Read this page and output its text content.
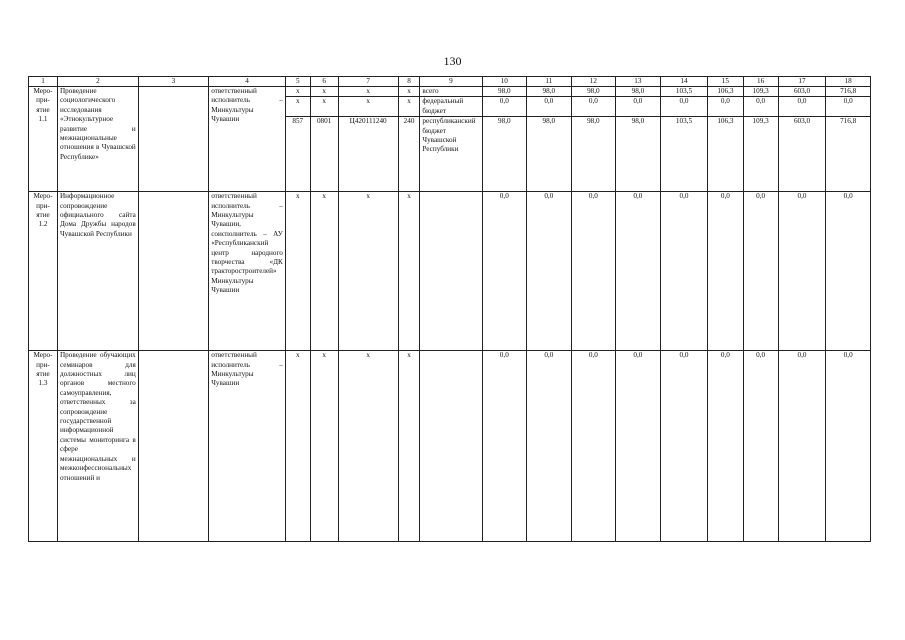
130
1	2	3	4	5	6	7	8	9	10	11	12	13	14	15	16	17	18
Меро-при-ятие 1.1	Проведение социологического исследования «Этнокультурное развитие и межнациональные отношения в Чувашской Республике»		ответственный исполнитель – Минкультуры Чувашии	x	x	x	x	всего	98,0	98,0	98,0	98,0	103,5	106,3	109,3	603,0	716,8
				x	x	x	x	федеральный бюджет	0,0	0,0	0,0	0,0	0,0	0,0	0,0	0,0	0,0
				857	0801	Ц420111240	240	республиканский бюджет Чувашской Республики	98,0	98,0	98,0	98,0	103,5	106,3	109,3	603,0	716,8
Меро-при-ятие 1.2	Информационное сопровождение официального сайта Дома Дружбы народов Чувашской Республики		ответственный исполнитель – Минкультуры Чувашии, соисполнитель – АУ «Республиканский центр народного творчества «ДК тракторостроителей» Минкультуры Чувашии	x	x	x	x		0,0	0,0	0,0	0,0	0,0	0,0	0,0	0,0	0,0
Меро-при-ятие 1.3	Проведение обучающих семинаров для должностных лиц органов местного самоуправления, ответственных за сопровождение государственной информационной системы мониторинга в сфере межнациональных и межконфессиональных отношений и		ответственный исполнитель – Минкультуры Чувашии	x	x	x	x		0,0	0,0	0,0	0,0	0,0	0,0	0,0	0,0	0,0
